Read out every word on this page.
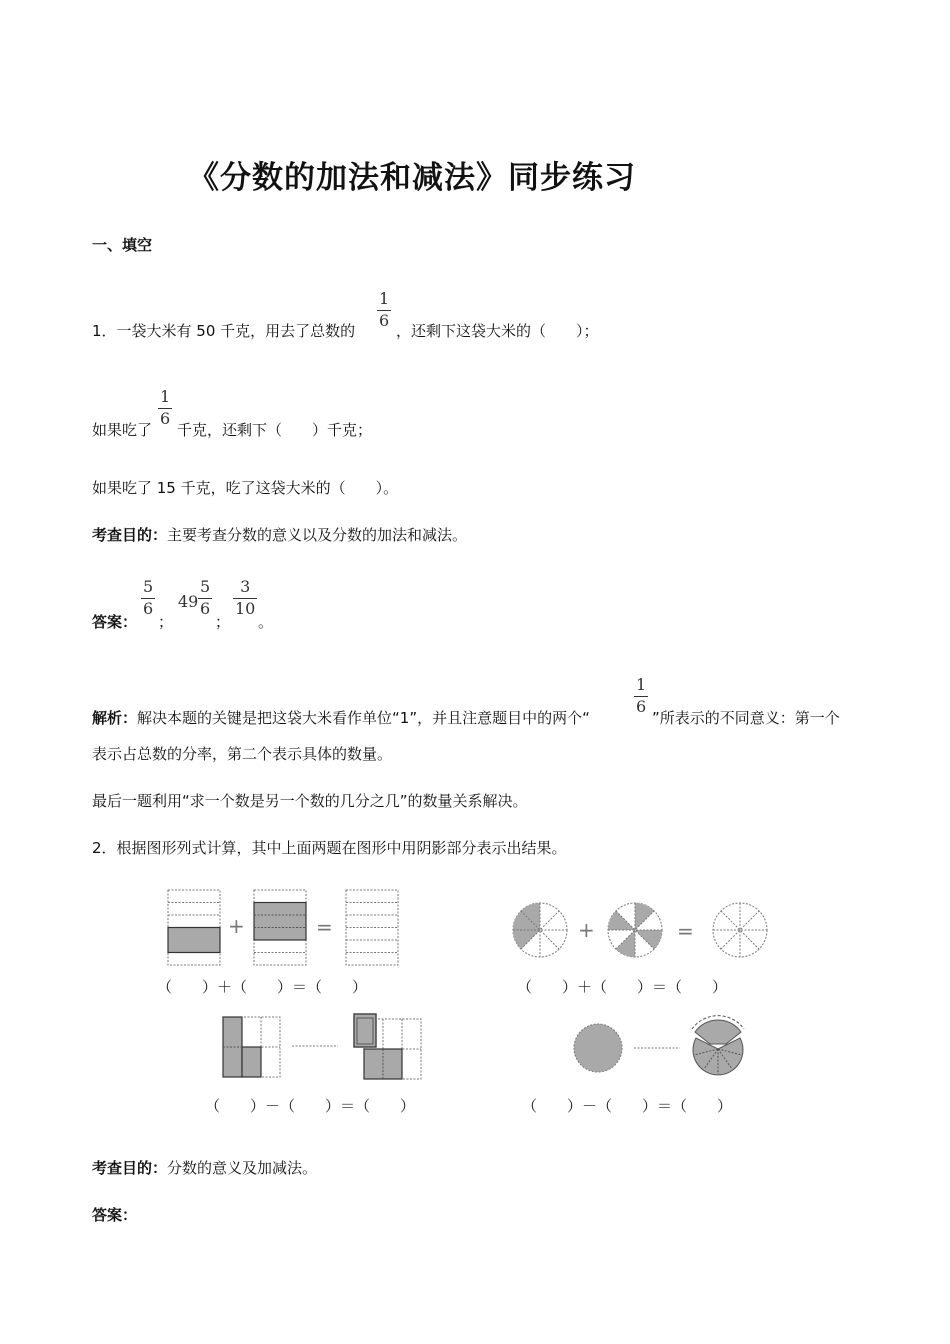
《分数的加法和减法》同步练习
一、填空
1．一袋大米有 50 千克，用去了总数的
1
6
，还剩下这袋大米的（　　）；
如果吃了
1
6
千克，还剩下（　　）千克；
如果吃了 15 千克，吃了这袋大米的（　　）。
考查目的：主要考查分数的意义以及分数的加法和减法。
答案：
5
6
；
49
5
6
；
3
10
。
解析：解决本题的关键是把这袋大米看作单位“1”，并且注意题目中的两个“
1
6
”所表示的不同意义：第一个
表示占总数的分率，第二个表示具体的数量。
最后一题利用“求一个数是另一个数的几分之几”的数量关系解决。
2．根据图形列式计算，其中上面两题在图形中用阴影部分表示出结果。
+	=
（　　）＋（　　）＝（　　）
+	=
（　　）＋（　　）＝（　　）
（　　）－（　　）＝（　　）	（　　）－（　　）＝（　　）
考查目的：分数的意义及加减法。
答案：
